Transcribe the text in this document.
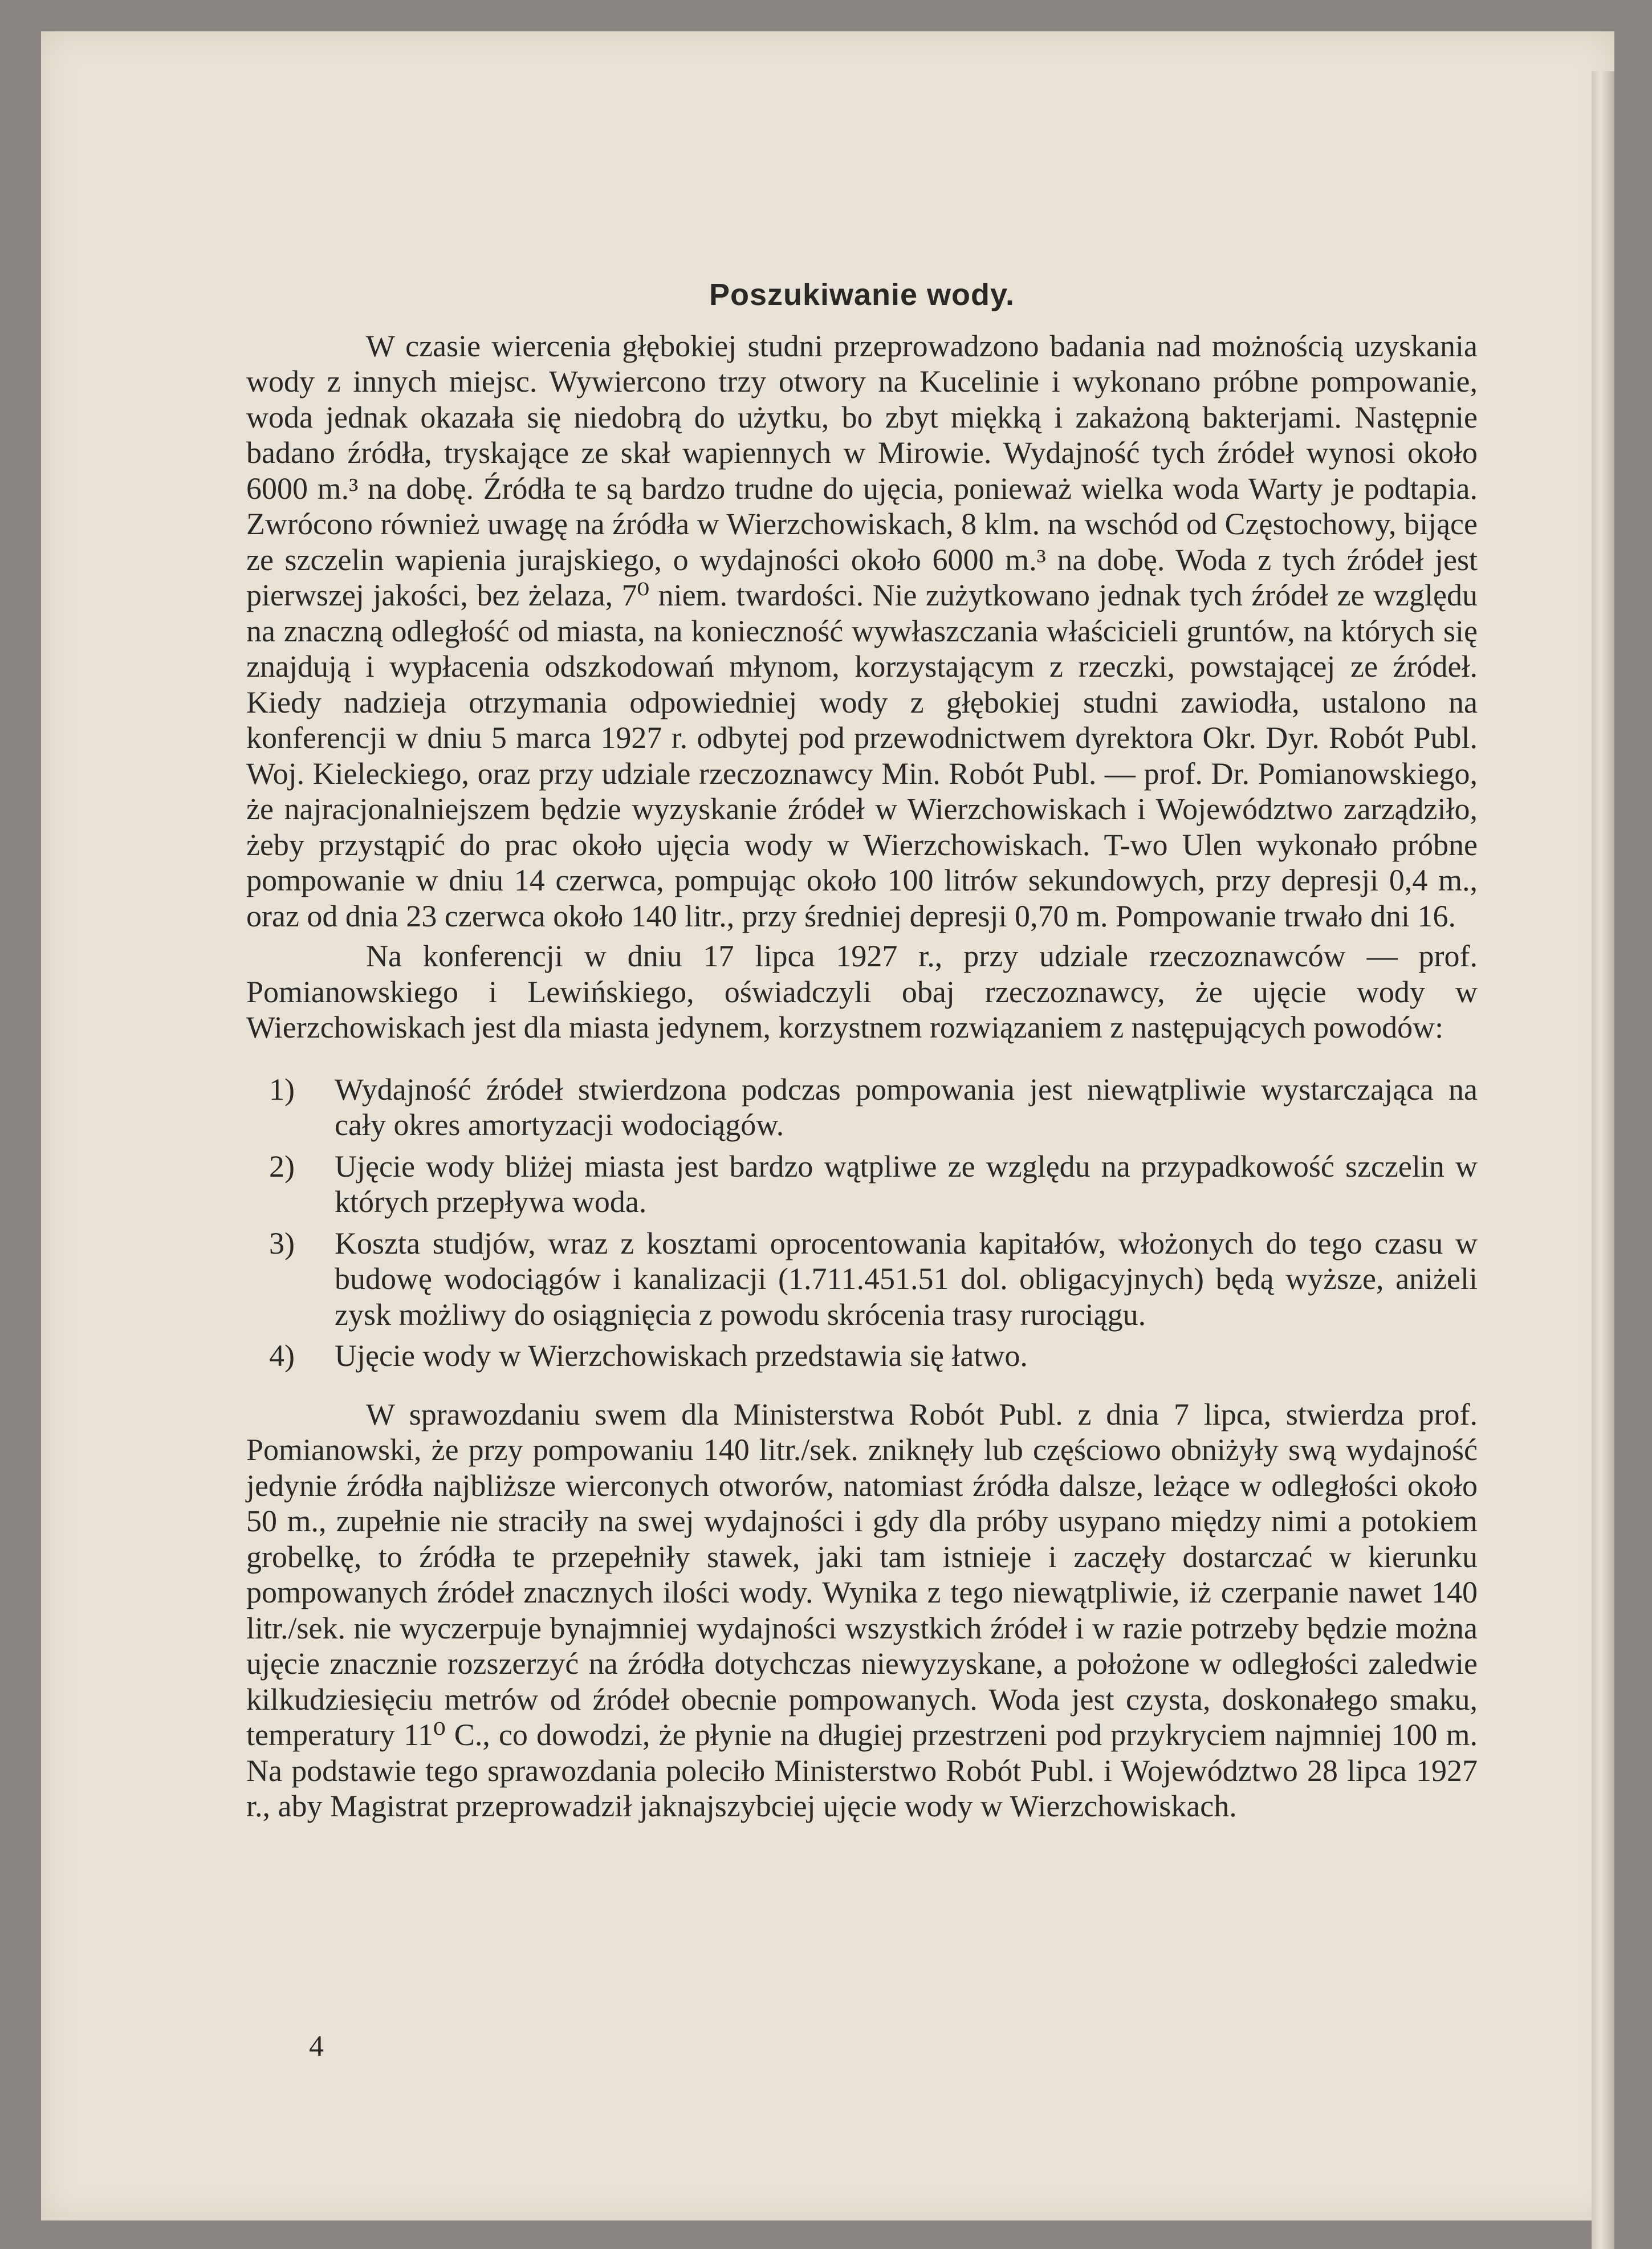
Poszukiwanie wody.

W czasie wiercenia głębokiej studni przeprowadzono badania nad możnością uzyskania wody z innych miejsc. Wywiercono trzy otwory na Kucelinie i wykonano próbne pompowanie, woda jednak okazała się niedobrą do użytku, bo zbyt miękką i zakażoną bakterjami. Następnie badano źródła, tryskające ze skał wapiennych w Mirowie. Wydajność tych źródeł wynosi około 6000 m.³ na dobę. Źródła te są bardzo trudne do ujęcia, ponieważ wielka woda Warty je podtapia. Zwrócono również uwagę na źródła w Wierzchowiskach, 8 klm. na wschód od Częstochowy, bijące ze szczelin wapienia jurajskiego, o wydajności około 6000 m.³ na dobę. Woda z tych źródeł jest pierwszej jakości, bez żelaza, 7⁰ niem. twardości. Nie zużytkowano jednak tych źródeł ze względu na znaczną odległość od miasta, na konieczność wywłaszczania właścicieli gruntów, na których się znajdują i wypłacenia odszkodowań młynom, korzystającym z rzeczki, powstającej ze źródeł. Kiedy nadzieja otrzymania odpowiedniej wody z głębokiej studni zawiodła, ustalono na konferencji w dniu 5 marca 1927 r. odbytej pod przewodnictwem dyrektora Okr. Dyr. Robót Publ. Woj. Kieleckiego, oraz przy udziale rzeczoznawcy Min. Robót Publ. — prof. Dr. Pomianowskiego, że najracjonalniejszem będzie wyzyskanie źródeł w Wierzchowiskach i Województwo zarządziło, żeby przystąpić do prac około ujęcia wody w Wierzchowiskach. T-wo Ulen wykonało próbne pompowanie w dniu 14 czerwca, pompując około 100 litrów sekundowych, przy depresji 0,4 m., oraz od dnia 23 czerwca około 140 litr., przy średniej depresji 0,70 m. Pompowanie trwało dni 16.

Na konferencji w dniu 17 lipca 1927 r., przy udziale rzeczoznawców — prof. Pomianowskiego i Lewińskiego, oświadczyli obaj rzeczoznawcy, że ujęcie wody w Wierzchowiskach jest dla miasta jedynem, korzystnem rozwiązaniem z następujących powodów:

1)	Wydajność źródeł stwierdzona podczas pompowania jest niewątpliwie wystarczająca na cały okres amortyzacji wodociągów.
2)	Ujęcie wody bliżej miasta jest bardzo wątpliwe ze względu na przypadkowość szczelin w których przepływa woda.
3)	Koszta studjów, wraz z kosztami oprocentowania kapitałów, włożonych do tego czasu w budowę wodociągów i kanalizacji (1.711.451.51 dol. obligacyjnych) będą wyższe, aniżeli zysk możliwy do osiągnięcia z powodu skrócenia trasy rurociągu.
4)	Ujęcie wody w Wierzchowiskach przedstawia się łatwo.

W sprawozdaniu swem dla Ministerstwa Robót Publ. z dnia 7 lipca, stwierdza prof. Pomianowski, że przy pompowaniu 140 litr./sek. zniknęły lub częściowo obniżyły swą wydajność jedynie źródła najbliższe wierconych otworów, natomiast źródła dalsze, leżące w odległości około 50 m., zupełnie nie straciły na swej wydajności i gdy dla próby usypano między nimi a potokiem grobelkę, to źródła te przepełniły stawek, jaki tam istnieje i zaczęły dostarczać w kierunku pompowanych źródeł znacznych ilości wody. Wynika z tego niewątpliwie, iż czerpanie nawet 140 litr./sek. nie wyczerpuje bynajmniej wydajności wszystkich źródeł i w razie potrzeby będzie można ujęcie znacznie rozszerzyć na źródła dotychczas niewyzyskane, a położone w odległości zaledwie kilkudziesięciu metrów od źródeł obecnie pompowanych. Woda jest czysta, doskonałego smaku, temperatury 11⁰ C., co dowodzi, że płynie na długiej przestrzeni pod przykryciem najmniej 100 m. Na podstawie tego sprawozdania poleciło Ministerstwo Robót Publ. i Województwo 28 lipca 1927 r., aby Magistrat przeprowadził jaknajszybciej ujęcie wody w Wierzchowiskach.

4
